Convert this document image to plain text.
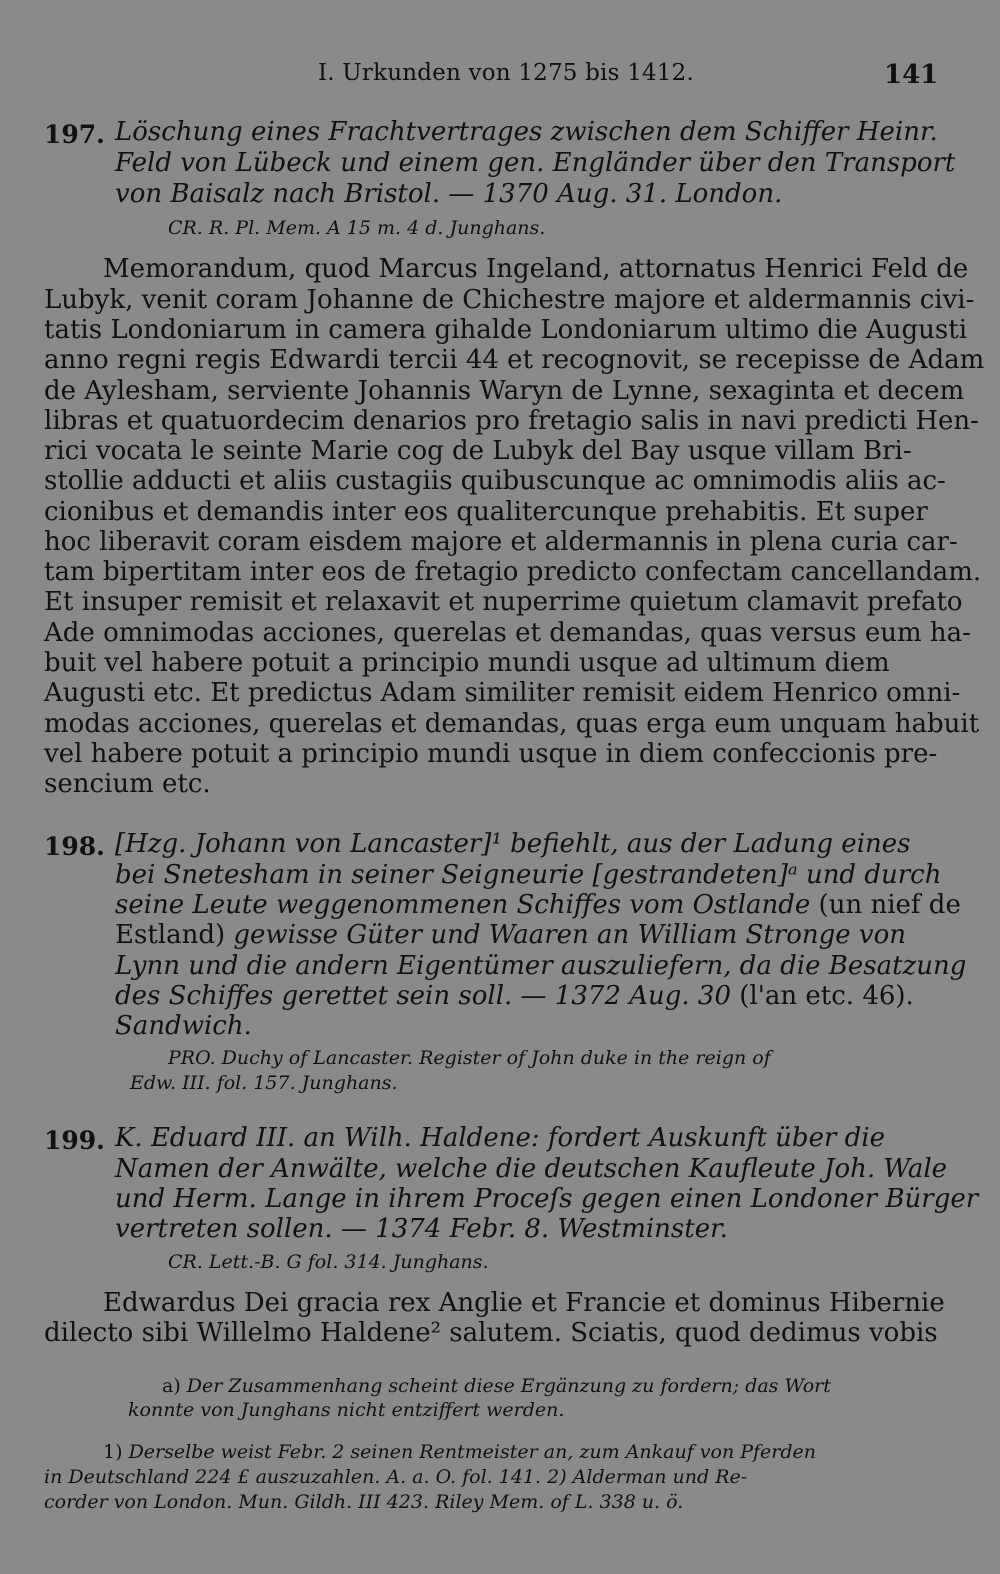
I. Urkunden von 1275 bis 1412.	141
197. Löschung eines Frachtvertrages zwischen dem Schiffer Heinr.
Feld von Lübeck und einem gen. Engländer über den Transport
von Baisalz nach Bristol. — 1370 Aug. 31. London.
CR. R. Pl. Mem. A 15 m. 4 d. Junghans.
Memorandum, quod Marcus Ingeland, attornatus Henrici Feld de
Lubyk, venit coram Johanne de Chichestre majore et aldermannis civi-
tatis Londoniarum in camera gihalde Londoniarum ultimo die Augusti
anno regni regis Edwardi tercii 44 et recognovit, se recepisse de Adam
de Aylesham, serviente Johannis Waryn de Lynne, sexaginta et decem
libras et quatuordecim denarios pro fretagio salis in navi predicti Hen-
rici vocata le seinte Marie cog de Lubyk del Bay usque villam Bri-
stollie adducti et aliis custagiis quibuscunque ac omnimodis aliis ac-
cionibus et demandis inter eos qualitercunque prehabitis. Et super
hoc liberavit coram eisdem majore et aldermannis in plena curia car-
tam bipertitam inter eos de fretagio predicto confectam cancellandam.
Et insuper remisit et relaxavit et nuperrime quietum clamavit prefato
Ade omnimodas acciones, querelas et demandas, quas versus eum ha-
buit vel habere potuit a principio mundi usque ad ultimum diem
Augusti etc. Et predictus Adam similiter remisit eidem Henrico omni-
modas acciones, querelas et demandas, quas erga eum unquam habuit
vel habere potuit a principio mundi usque in diem confeccionis pre-
sencium etc.
198. [Hzg. Johann von Lancaster]¹ befiehlt, aus der Ladung eines
bei Snetesham in seiner Seigneurie [gestrandeten]ᵃ und durch
seine Leute weggenommenen Schiffes vom Ostlande (un nief de
Estland) gewisse Güter und Waaren an William Stronge von
Lynn und die andern Eigentümer auszuliefern, da die Besatzung
des Schiffes gerettet sein soll. — 1372 Aug. 30 (l'an etc. 46).
Sandwich.
PRO. Duchy of Lancaster. Register of John duke in the reign of
Edw. III. fol. 157. Junghans.
199. K. Eduard III. an Wilh. Haldene: fordert Auskunft über die
Namen der Anwälte, welche die deutschen Kaufleute Joh. Wale
und Herm. Lange in ihrem Proceſs gegen einen Londoner Bürger
vertreten sollen. — 1374 Febr. 8. Westminster.
CR. Lett.-B. G fol. 314. Junghans.
Edwardus Dei gracia rex Anglie et Francie et dominus Hibernie
dilecto sibi Willelmo Haldene² salutem. Sciatis, quod dedimus vobis
a) Der Zusammenhang scheint diese Ergänzung zu fordern; das Wort
konnte von Junghans nicht entziffert werden.
1) Derselbe weist Febr. 2 seinen Rentmeister an, zum Ankauf von Pferden
in Deutschland 224 £ auszuzahlen. A. a. O. fol. 141. 2) Alderman und Re-
corder von London. Mun. Gildh. III 423. Riley Mem. of L. 338 u. ö.
